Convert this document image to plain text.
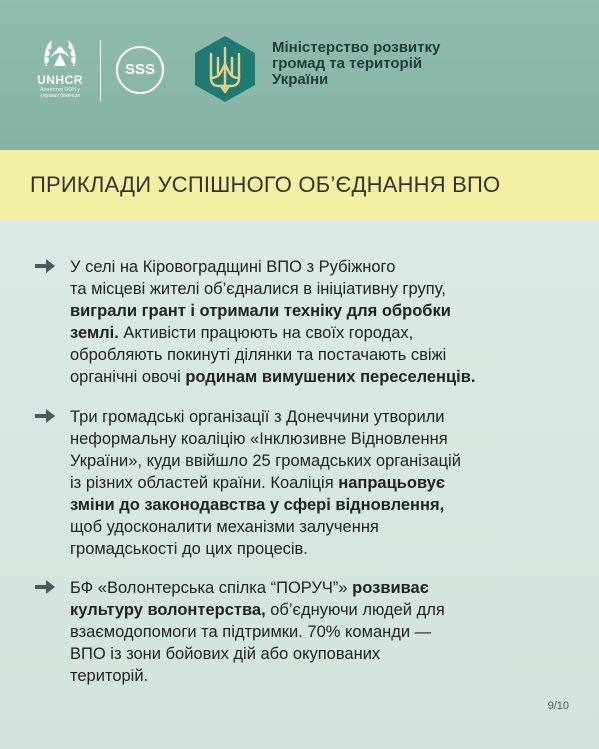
UNHCR
Агентство ООН у
справах біженців
SSS
Міністерство розвитку
громад та територій
України
ПРИКЛАДИ УСПІШНОГО ОБ’ЄДНАННЯ ВПО
У селі на Кіровоградщині ВПО з Рубіжного
та місцеві жителі об’єдналися в ініціативну групу,
виграли грант і отримали техніку для обробки
землі. Активісти працюють на своїх городах,
обробляють покинуті ділянки та постачають свіжі
органічні овочі родинам вимушених переселенців.
Три громадські організації з Донеччини утворили
неформальну коаліцію «Інклюзивне Відновлення
України», куди ввійшло 25 громадських організацій
із різних областей країни. Коаліція напрацьовує
зміни до законодавства у сфері відновлення,
щоб удосконалити механізми залучення
громадськості до цих процесів.
БФ «Волонтерська спілка “ПОРУЧ”» розвиває
культуру волонтерства, об’єднуючи людей для
взаємодопомоги та підтримки. 70% команди —
ВПО із зони бойових дій або окупованих
територій.
9/10
